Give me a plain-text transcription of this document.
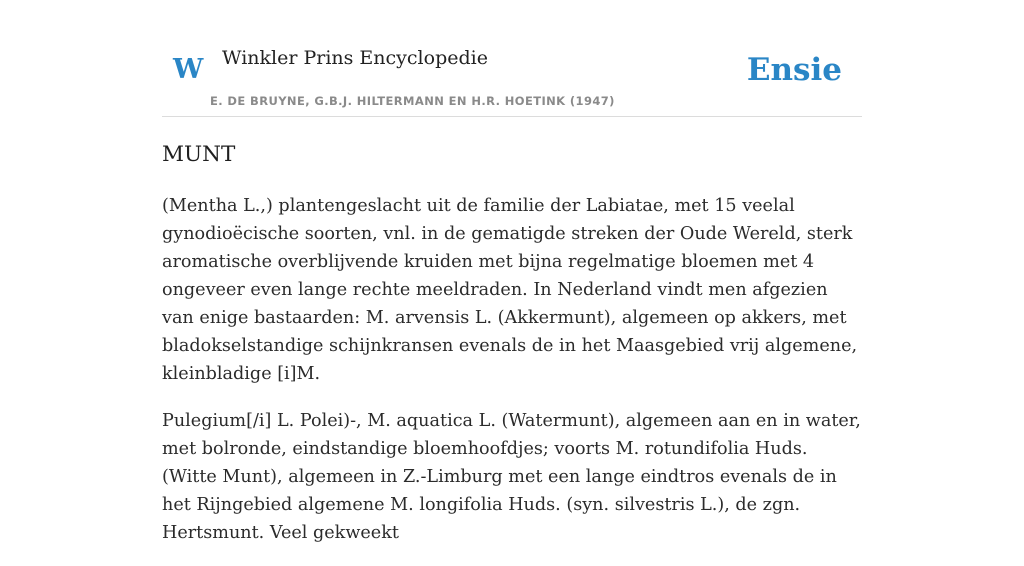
W Winkler Prins Encyclopedie
E. DE BRUYNE, G.B.J. HILTERMANN EN H.R. HOETINK (1947)
Ensie
MUNT

(Mentha L.,) plantengeslacht uit de familie der Labiatae, met 15 veelal gynodioëcische soorten, vnl. in de gematigde streken der Oude Wereld, sterk aromatische overblijvende kruiden met bijna regelmatige bloemen met 4 ongeveer even lange rechte meeldraden. In Nederland vindt men afgezien van enige bastaarden: M. arvensis L. (Akkermunt), algemeen op akkers, met bladokselstandige schijnkransen evenals de in het Maasgebied vrij algemene, kleinbladige [i]M.

Pulegium[/i] L. Polei)-, M. aquatica L. (Watermunt), algemeen aan en in water, met bolronde, eindstandige bloemhoofdjes; voorts M. rotundifolia Huds. (Witte Munt), algemeen in Z.-Limburg met een lange eindtros evenals de in het Rijngebied algemene M. longifolia Huds. (syn. silvestris L.), de zgn. Hertsmunt. Veel gekweekt
